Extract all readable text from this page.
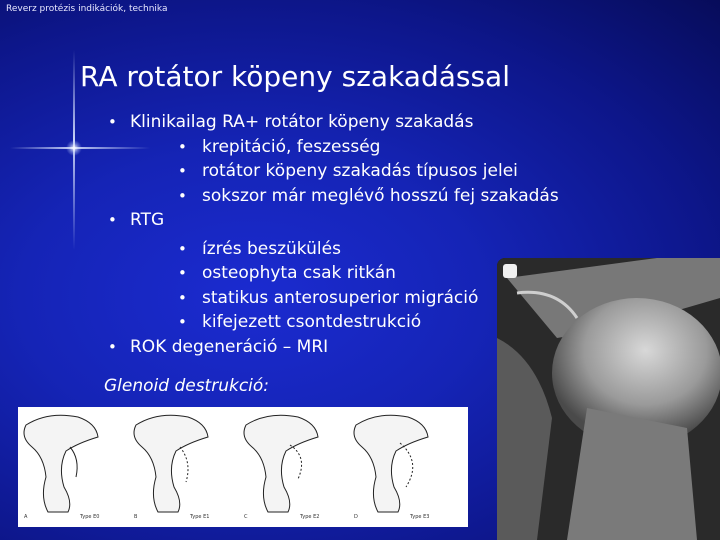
Reverz protézis indikációk, technika
RA rotátor köpeny szakadással
• Klinikailag RA+ rotátor köpeny szakadás
• krepitáció, feszesség
• rotátor köpeny szakadás típusos jelei
• sokszor már meglévő hosszú fej szakadás
• RTG
• ízrés beszükülés
• osteophyta csak ritkán
• statikus anterosuperior migráció
• kifejezett csontdestrukció
• ROK degeneráció – MRI
Glenoid destrukció:
A	Type E0	B	Type E1	C	Type E2	D	Type E3
